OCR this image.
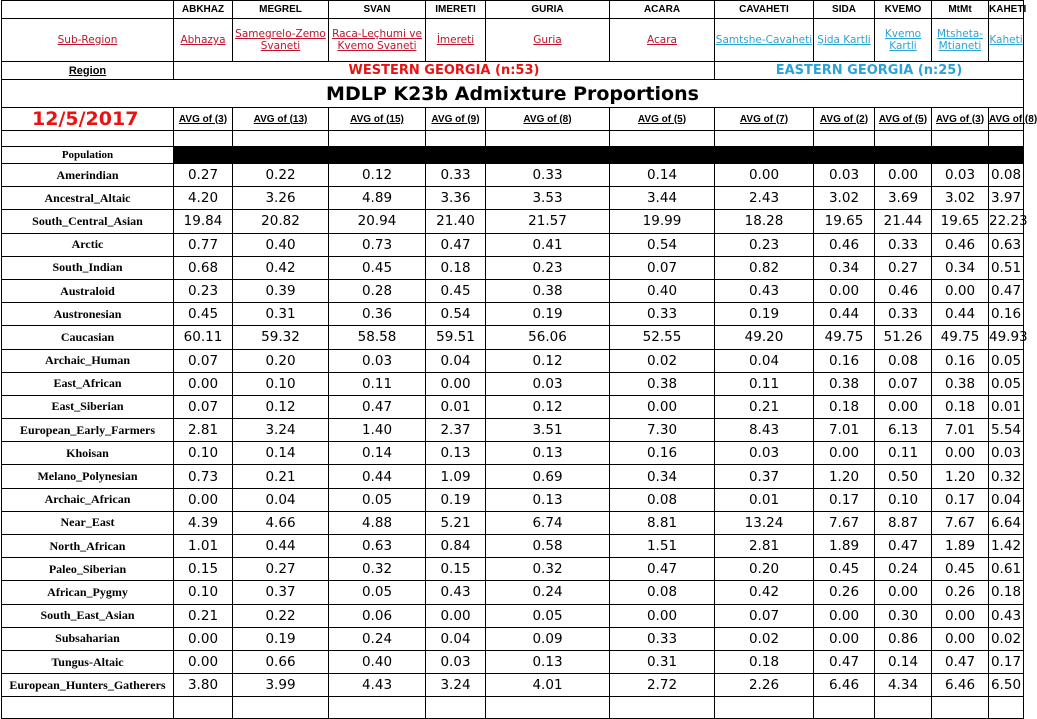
	ABKHAZ	MEGREL	SVAN	IMERETI	GURIA	ACARA	CAVAHETI	SIDA	KVEMO	MtMt	KAHETI
Sub-Region	Abhazya	Samegrelo-Zemo Svaneti	Raca-Leçhumi ve Kvemo Svaneti	İmereti	Guria	Acara	Samtshe-Cavaheti	Şida Kartli	Kvemo Kartli	Mtsheta-Mtianeti	Kaheti
Region	WESTERN GEORGIA (n:53)						EASTERN GEORGIA (n:25)				
MDLP K23b Admixture Proportions											
12/5/2017	AVG of (3)	AVG of (13)	AVG of (15)	AVG of (9)	AVG of (8)	AVG of (5)	AVG of (7)	AVG of (2)	AVG of (5)	AVG of (3)	AVG of (8)

Population											
Amerindian	0.27	0.22	0.12	0.33	0.33	0.14	0.00	0.03	0.00	0.03	0.08
Ancestral_Altaic	4.20	3.26	4.89	3.36	3.53	3.44	2.43	3.02	3.69	3.02	3.97
South_Central_Asian	19.84	20.82	20.94	21.40	21.57	19.99	18.28	19.65	21.44	19.65	22.23
Arctic	0.77	0.40	0.73	0.47	0.41	0.54	0.23	0.46	0.33	0.46	0.63
South_Indian	0.68	0.42	0.45	0.18	0.23	0.07	0.82	0.34	0.27	0.34	0.51
Australoid	0.23	0.39	0.28	0.45	0.38	0.40	0.43	0.00	0.46	0.00	0.47
Austronesian	0.45	0.31	0.36	0.54	0.19	0.33	0.19	0.44	0.33	0.44	0.16
Caucasian	60.11	59.32	58.58	59.51	56.06	52.55	49.20	49.75	51.26	49.75	49.93
Archaic_Human	0.07	0.20	0.03	0.04	0.12	0.02	0.04	0.16	0.08	0.16	0.05
East_African	0.00	0.10	0.11	0.00	0.03	0.38	0.11	0.38	0.07	0.38	0.05
East_Siberian	0.07	0.12	0.47	0.01	0.12	0.00	0.21	0.18	0.00	0.18	0.01
European_Early_Farmers	2.81	3.24	1.40	2.37	3.51	7.30	8.43	7.01	6.13	7.01	5.54
Khoisan	0.10	0.14	0.14	0.13	0.13	0.16	0.03	0.00	0.11	0.00	0.03
Melano_Polynesian	0.73	0.21	0.44	1.09	0.69	0.34	0.37	1.20	0.50	1.20	0.32
Archaic_African	0.00	0.04	0.05	0.19	0.13	0.08	0.01	0.17	0.10	0.17	0.04
Near_East	4.39	4.66	4.88	5.21	6.74	8.81	13.24	7.67	8.87	7.67	6.64
North_African	1.01	0.44	0.63	0.84	0.58	1.51	2.81	1.89	0.47	1.89	1.42
Paleo_Siberian	0.15	0.27	0.32	0.15	0.32	0.47	0.20	0.45	0.24	0.45	0.61
African_Pygmy	0.10	0.37	0.05	0.43	0.24	0.08	0.42	0.26	0.00	0.26	0.18
South_East_Asian	0.21	0.22	0.06	0.00	0.05	0.00	0.07	0.00	0.30	0.00	0.43
Subsaharian	0.00	0.19	0.24	0.04	0.09	0.33	0.02	0.00	0.86	0.00	0.02
Tungus-Altaic	0.00	0.66	0.40	0.03	0.13	0.31	0.18	0.47	0.14	0.47	0.17
European_Hunters_Gatherers	3.80	3.99	4.43	3.24	4.01	2.72	2.26	6.46	4.34	6.46	6.50
